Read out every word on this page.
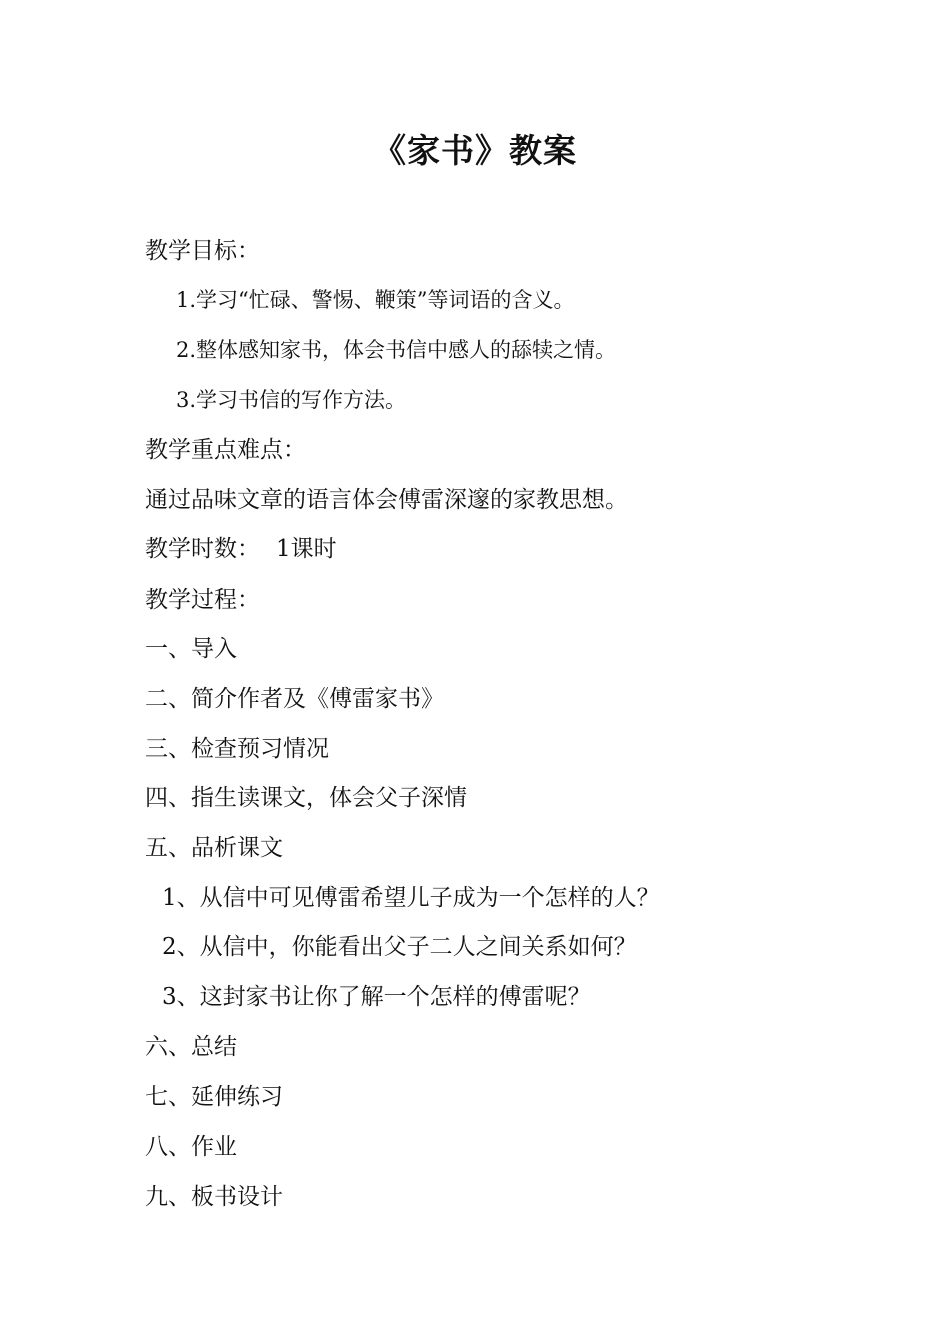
《家书》教案
教学目标：
1.学习“忙碌、警惕、鞭策”等词语的含义。
2.整体感知家书，体会书信中感人的舔犊之情。
3.学习书信的写作方法。
教学重点难点：
通过品味文章的语言体会傅雷深邃的家教思想。
教学时数： 1课时
教学过程：
一、导入
二、简介作者及《傅雷家书》
三、检查预习情况
四、指生读课文，体会父子深情
五、品析课文
1、从信中可见傅雷希望儿子成为一个怎样的人？
2、从信中，你能看出父子二人之间关系如何？
3、这封家书让你了解一个怎样的傅雷呢？
六、总结
七、延伸练习
八、作业
九、板书设计
